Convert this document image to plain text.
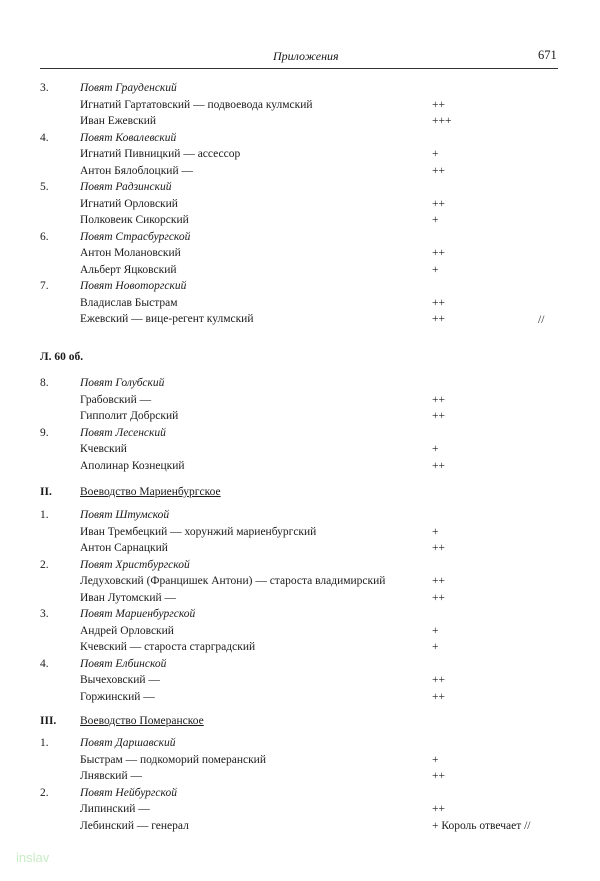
Приложения	671
3.	Повят Грауденский
Игнатий Гартатовский — подвоеводa кулмский	++
Иван Ежевский	+++
4.	Повят Ковалевский
Игнатий Пивницкий — ассессор	+
Антон Бялоблоцкий —	++
5.	Повят Радзинский
Игнатий Орловский	++
Полковеик Сикорский	+
6.	Повят Страсбургской
Антон Молановский	++
Альберт Яцковский	+
7.	Повят Новоторгский
Владислав Быстрам	++
Ежевский — вице-регент кулмский	++	//
Л. 60 об.
8.	Повят Голубский
Грабовский —	++
Гипполит Добрский	++
9.	Повят Лесенский
Кчевский	+
Аполинар Кознецкий	++
II. Воеводство Мариенбургское
1.	Повят Штумской
Иван Трембецкий — хорунжий мариенбургский	+
Антон Сарнацкий	++
2.	Повят Христбургской
Ледуховский (Францишек Антони) — староста владимирский	++
Иван Лутомский —	++
3.	Повят Мариенбургской
Андрей Орловский	+
Кчевский — староста старградский	+
4.	Повят Елбинской
Вычеховский —	++
Горжинский —	++
III. Воеводство Померанское
1.	Повят Даршавский
Быстрам — подкоморий померанский	+
Лнявский —	++
2.	Повят Нейбургской
Липинский —	++
Лебинский — генерал	+ Король отвечает //
inslav
